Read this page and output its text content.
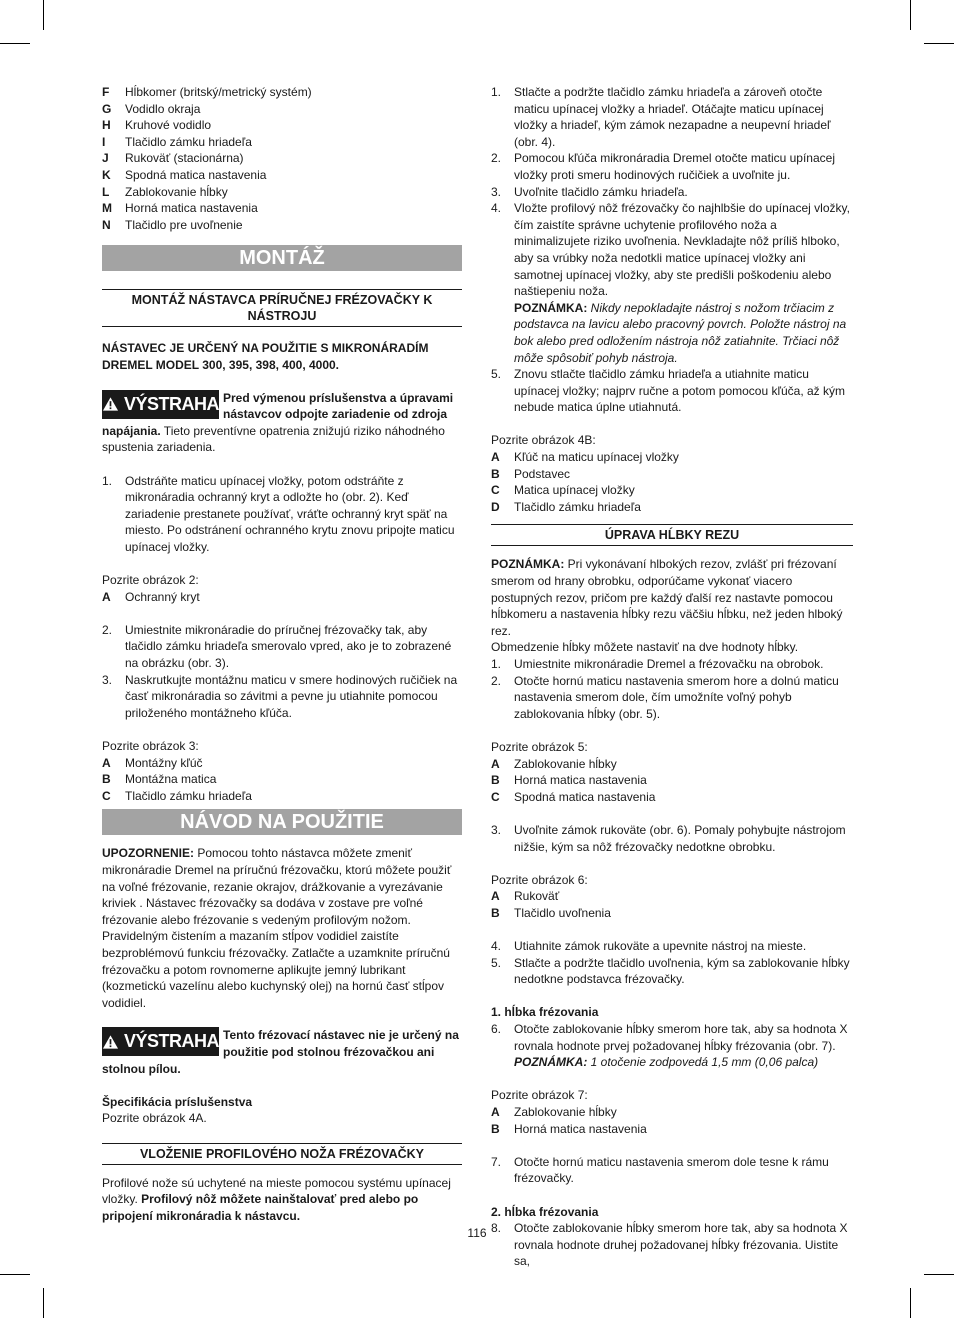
F	Hĺbkomer (britský/metrický systém)
G	Vodidlo okraja
H	Kruhové vodidlo
I	Tlačidlo zámku hriadeľa
J	Rukoväť (stacionárna)
K	Spodná matica nastavenia
L	Zablokovanie hĺbky
M	Horná matica nastavenia
N	Tlačidlo pre uvoľnenie
MONTÁŽ
MONTÁŽ NÁSTAVCA PRÍRUČNEJ FRÉZOVAČKY K NÁSTROJU

NÁSTAVEC JE URČENÝ NA POUŽITIE S MIKRONÁRADÍM DREMEL MODEL 300, 395, 398, 400, 4000.

VÝSTRAHA Pred výmenou príslušenstva a úpravami nástavcov odpojte zariadenie od zdroja napájania. Tieto preventívne opatrenia znižujú riziko náhodného spustenia zariadenia.

1.	Odstráňte maticu upínacej vložky, potom odstráňte z mikronáradia ochranný kryt a odložte ho (obr. 2). Keď zariadenie prestanete používať, vráťte ochranný kryt späť na miesto. Po odstránení ochranného krytu znovu pripojte maticu upínacej vložky.

Pozrite obrázok 2:

A	Ochranný kryt
2.	Umiestnite mikronáradie do príručnej frézovačky tak, aby tlačidlo zámku hriadeľa smerovalo vpred, ako je to zobrazené na obrázku (obr. 3).
3.	Naskrutkujte montážnu maticu v smere hodinových ručičiek na časť mikronáradia so závitmi a pevne ju utiahnite pomocou priloženého montážneho kľúča.

Pozrite obrázok 3:

A	Montážny kľúč
B	Montážna matica
C	Tlačidlo zámku hriadeľa
NÁVOD NA POUŽITIE

UPOZORNENIE: Pomocou tohto nástavca môžete zmeniť mikronáradie Dremel na príručnú frézovačku, ktorú môžete použiť na voľné frézovanie, rezanie okrajov, drážkovanie a vyrezávanie kriviek . Nástavec frézovačky sa dodáva v zostave pre voľné frézovanie alebo frézovanie s vedeným profilovým nožom.

Pravidelným čistením a mazaním stĺpov vodidiel zaistíte bezproblémovú funkciu frézovačky. Zatlačte a uzamknite príručnú frézovačku a potom rovnomerne aplikujte jemný lubrikant (kozmetickú vazelínu alebo kuchynský olej) na hornú časť stĺpov vodidiel.

VÝSTRAHA Tento frézovací nástavec nie je určený na použitie pod stolnou frézovačkou ani stolnou pílou.

Špecifikácia príslušenstva

Pozrite obrázok 4A.

VLOŽENIE PROFILOVÉHO NOŽA FRÉZOVAČKY

Profilové nože sú uchytené na mieste pomocou systému upínacej vložky. Profilový nôž môžete nainštalovať pred alebo po pripojení mikronáradia k nástavcu.

1.	Stlačte a podržte tlačidlo zámku hriadeľa a zároveň otočte maticu upínacej vložky a hriadeľ. Otáčajte maticu upínacej vložky a hriadeľ, kým zámok nezapadne a neupevní hriadeľ (obr. 4).
2.	Pomocou kľúča mikronáradia Dremel otočte maticu upínacej vložky proti smeru hodinových ručičiek a uvoľnite ju.
3.	Uvoľnite tlačidlo zámku hriadeľa.
4.	Vložte profilový nôž frézovačky čo najhlbšie do upínacej vložky, čím zaistíte správne uchytenie profilového noža a minimalizujete riziko uvoľnenia. Nevkladajte nôž príliš hlboko, aby sa vrúbky noža nedotkli matice upínacej vložky ani samotnej upínacej vložky, aby ste predišli poškodeniu alebo naštiepeniu noža.
POZNÁMKA: Nikdy nepokladajte nástroj s nožom trčiacim z podstavca na lavicu alebo pracovný povrch. Položte nástroj na bok alebo pred odložením nástroja nôž zatiahnite. Trčiaci nôž môže spôsobiť pohyb nástroja.
5.	Znovu stlačte tlačidlo zámku hriadeľa a utiahnite maticu upínacej vložky; najprv ručne a potom pomocou kľúča, až kým nebude matica úplne utiahnutá.

Pozrite obrázok 4B:

A	Kľúč na maticu upínacej vložky
B	Podstavec
C	Matica upínacej vložky
D	Tlačidlo zámku hriadeľa
ÚPRAVA HĹBKY REZU

POZNÁMKA: Pri vykonávaní hlbokých rezov, zvlášť pri frézovaní smerom od hrany obrobku, odporúčame vykonať viacero postupných rezov, pričom pre každý ďalší rez nastavte pomocou hĺbkomeru a nastavenia hĺbky rezu väčšiu hĺbku, než jeden hlboký rez.

Obmedzenie hĺbky môžete nastaviť na dve hodnoty hĺbky.

1.	Umiestnite mikronáradie Dremel a frézovačku na obrobok.
2.	Otočte hornú maticu nastavenia smerom hore a dolnú maticu nastavenia smerom dole, čím umožníte voľný pohyb zablokovania hĺbky (obr. 5).

Pozrite obrázok 5:

A	Zablokovanie hĺbky
B	Horná matica nastavenia
C	Spodná matica nastavenia
3.	Uvoľnite zámok rukoväte (obr. 6). Pomaly pohybujte nástrojom nižšie, kým sa nôž frézovačky nedotkne obrobku.

Pozrite obrázok 6:

A	Rukoväť
B	Tlačidlo uvoľnenia
4.	Utiahnite zámok rukoväte a upevnite nástroj na mieste.
5.	Stlačte a podržte tlačidlo uvoľnenia, kým sa zablokovanie hĺbky nedotkne podstavca frézovačky.

1. hĺbka frézovania

6.	Otočte zablokovanie hĺbky smerom hore tak, aby sa hodnota X rovnala hodnote prvej požadovanej hĺbky frézovania (obr. 7).
POZNÁMKA: 1 otočenie zodpovedá 1,5 mm (0,06 palca)

Pozrite obrázok 7:

A	Zablokovanie hĺbky
B	Horná matica nastavenia
7.	Otočte hornú maticu nastavenia smerom dole tesne k rámu frézovačky.

2. hĺbka frézovania

8.	Otočte zablokovanie hĺbky smerom hore tak, aby sa hodnota X rovnala hodnote druhej požadovanej hĺbky frézovania. Uistite sa,
116
